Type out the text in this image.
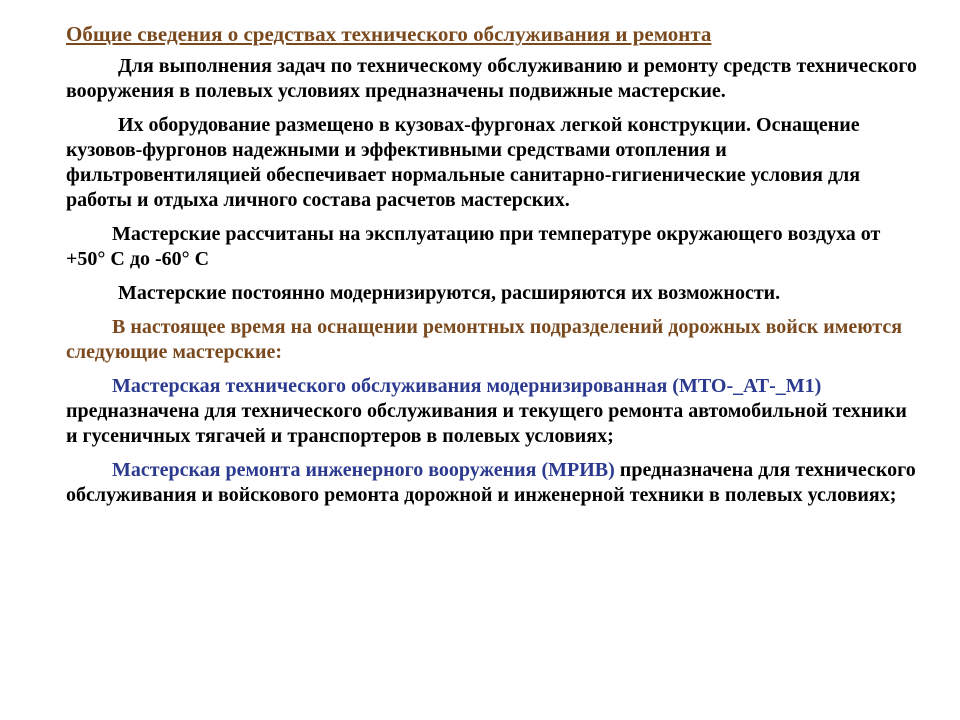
Общие сведения о средствах технического обслуживания и ремонта

Для выполнения задач по техническому обслуживанию и ремонту средств технического вооружения в полевых условиях предназначены подвижные мастерские.

Их оборудование размещено в кузовах-фургонах легкой конструкции. Оснащение кузовов-фургонов надежными и эффективными средствами отопления и фильтровентиляцией обеспечивает нормальные санитарно-гигиенические условия для работы и отдыха личного состава расчетов мастерских.

Мастерские рассчитаны на эксплуатацию при температуре окружающего воздуха от +50° С до -60° С

Мастерские постоянно модернизируются, расширяются их возможности.

В настоящее время на оснащении ремонтных подразделений дорожных войск имеются следующие мастерские:

Мастерская технического обслуживания модернизированная (МТО-_АТ-_М1) предназначена для технического обслуживания и текущего ремонта автомобильной техники и гусеничных тягачей и транспортеров в полевых условиях;

Мастерская ремонта инженерного вооружения (МРИВ) предназначена для технического обслуживания и войскового ремонта дорожной и инженерной техники в полевых условиях;
